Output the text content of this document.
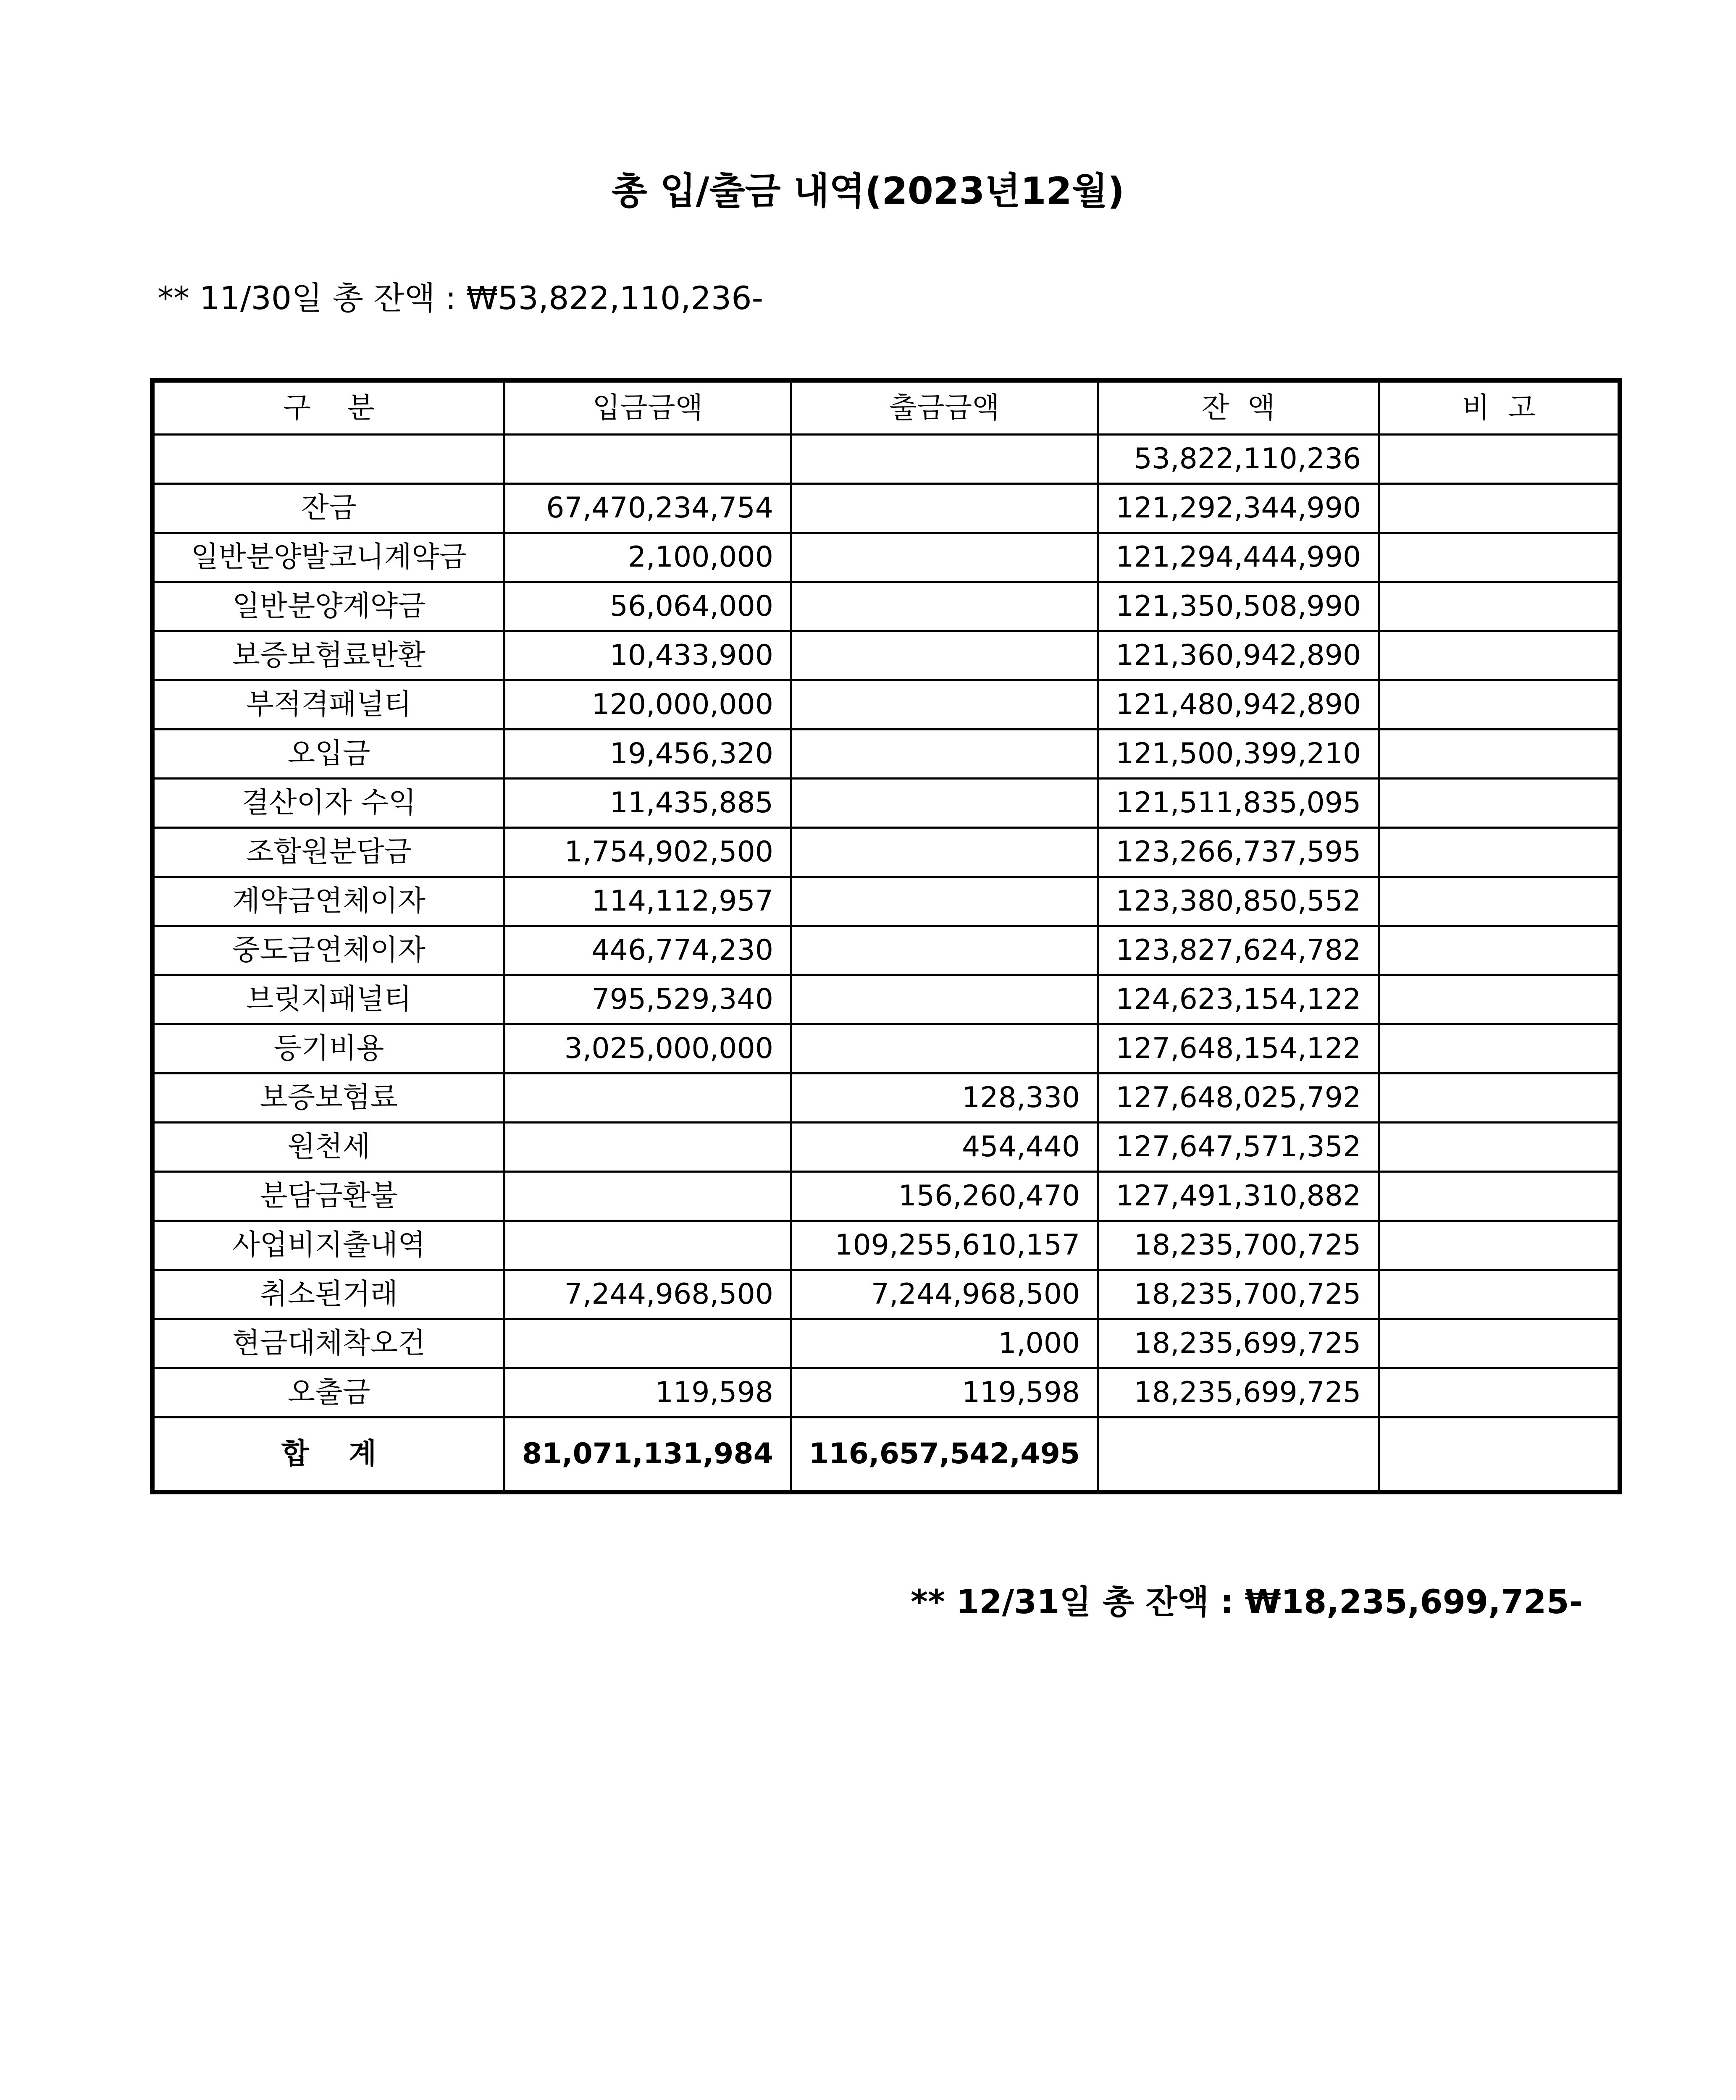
총 입/출금 내역(2023년12월)
** 11/30일 총 잔액 : ₩53,822,110,236-
구    분	입금금액	출금금액	잔  액	비  고
			53,822,110,236	
잔금	67,470,234,754		121,292,344,990	
일반분양발코니계약금	2,100,000		121,294,444,990	
일반분양계약금	56,064,000		121,350,508,990	
보증보험료반환	10,433,900		121,360,942,890	
부적격패널티	120,000,000		121,480,942,890	
오입금	19,456,320		121,500,399,210	
결산이자 수익	11,435,885		121,511,835,095	
조합원분담금	1,754,902,500		123,266,737,595	
계약금연체이자	114,112,957		123,380,850,552	
중도금연체이자	446,774,230		123,827,624,782	
브릿지패널티	795,529,340		124,623,154,122	
등기비용	3,025,000,000		127,648,154,122	
보증보험료		128,330	127,648,025,792	
원천세		454,440	127,647,571,352	
분담금환불		156,260,470	127,491,310,882	
사업비지출내역		109,255,610,157	18,235,700,725	
취소된거래	7,244,968,500	7,244,968,500	18,235,700,725	
현금대체착오건		1,000	18,235,699,725	
오출금	119,598	119,598	18,235,699,725	
합    계	81,071,131,984	116,657,542,495		
** 12/31일 총 잔액 : ₩18,235,699,725-
